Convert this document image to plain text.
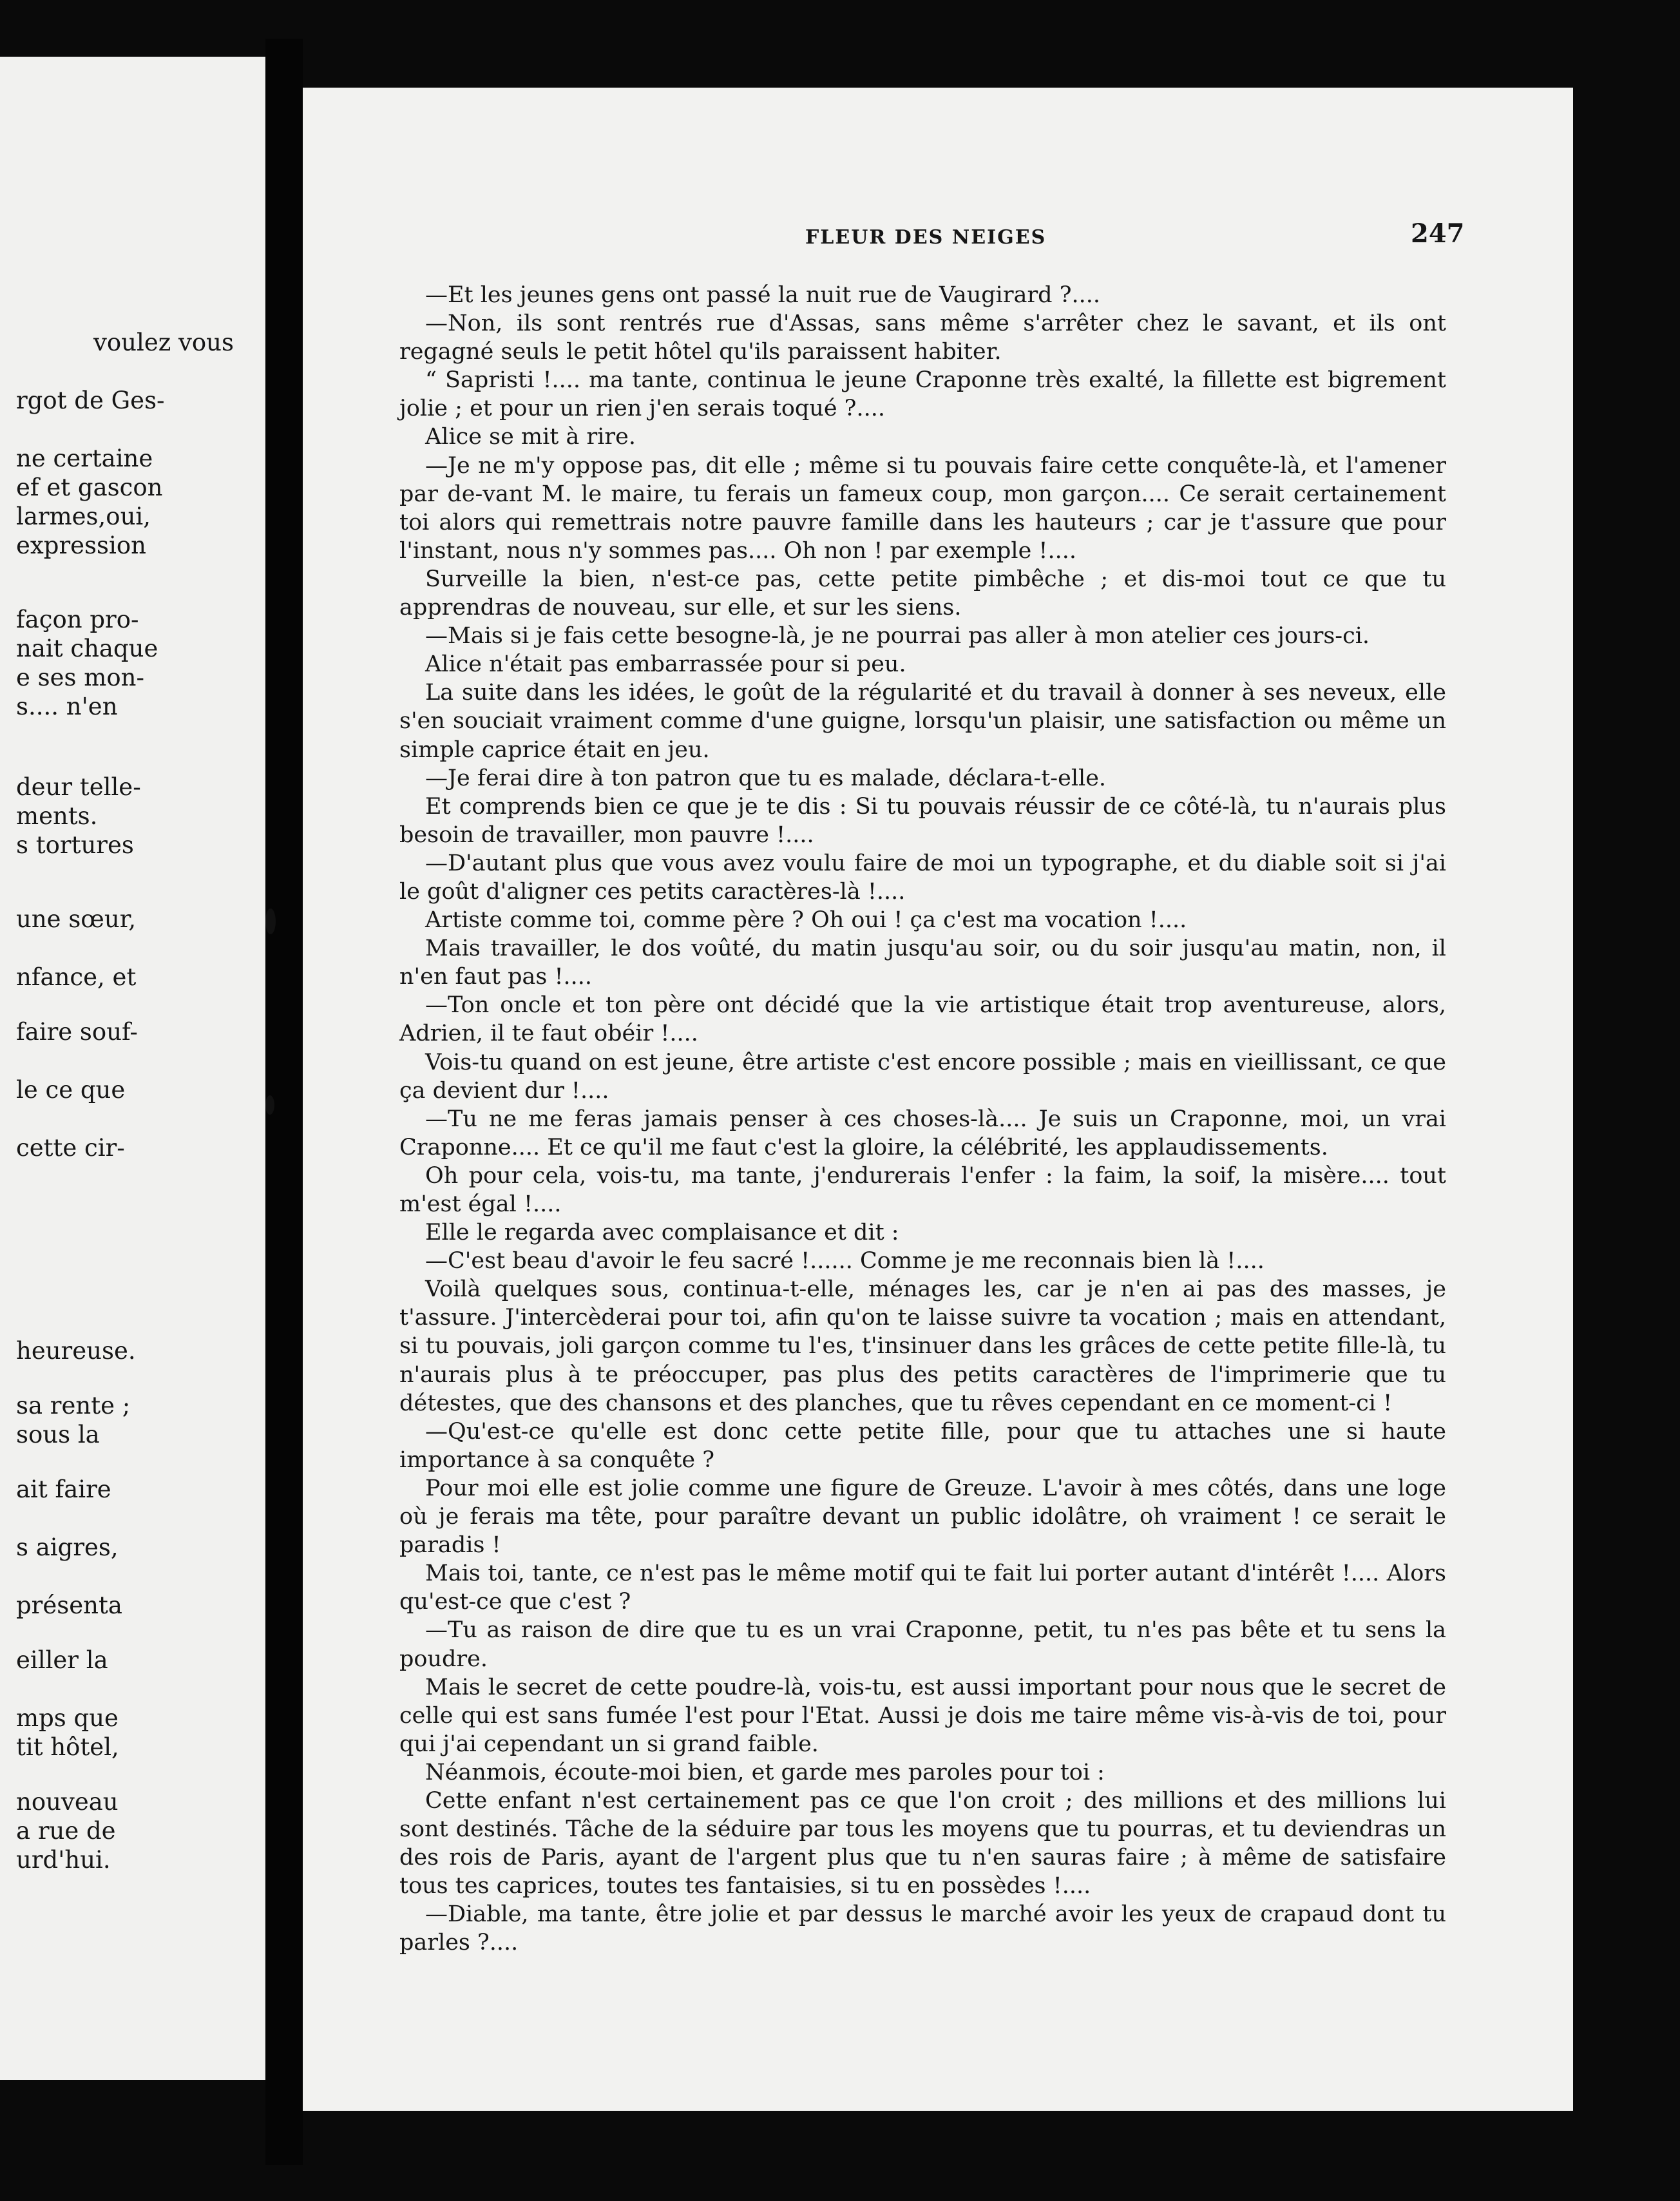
voulez vous
rgot de Ges-
ne certaine
ef et gascon
larmes,oui,
expression
façon pro-
nait chaque
e ses mon-
s.... n'en
deur telle-
ments.
s tortures
une sœur,
nfance, et
faire souf-
le ce que
cette cir-
heureuse.
sa rente ;
sous la
ait faire
s aigres,
présenta
eiller la
mps que
tit hôtel,
nouveau
a rue de
urd'hui.
FLEUR DES NEIGES	247

—Et les jeunes gens ont passé la nuit rue de Vaugirard ?....

—Non, ils sont rentrés rue d'Assas, sans même s'arrêter chez le savant, et ils ont regagné seuls le petit hôtel qu'ils paraissent habiter.

“ Sapristi !.... ma tante, continua le jeune Craponne très exalté, la fillette est bigrement jolie ; et pour un rien j'en serais toqué ?....

Alice se mit à rire.

—Je ne m'y oppose pas, dit elle ; même si tu pouvais faire cette conquête-là, et l'amener par de-vant M. le maire, tu ferais un fameux coup, mon garçon.... Ce serait certainement toi alors qui remettrais notre pauvre famille dans les hauteurs ; car je t'assure que pour l'instant, nous n'y sommes pas.... Oh non ! par exemple !....

Surveille la bien, n'est-ce pas, cette petite pimbêche ; et dis-moi tout ce que tu apprendras de nouveau, sur elle, et sur les siens.

—Mais si je fais cette besogne-là, je ne pourrai pas aller à mon atelier ces jours-ci.

Alice n'était pas embarrassée pour si peu.

La suite dans les idées, le goût de la régularité et du travail à donner à ses neveux, elle s'en souciait vraiment comme d'une guigne, lorsqu'un plaisir, une satisfaction ou même un simple caprice était en jeu.

—Je ferai dire à ton patron que tu es malade, déclara-t-elle.

Et comprends bien ce que je te dis : Si tu pouvais réussir de ce côté-là, tu n'aurais plus besoin de travailler, mon pauvre !....

—D'autant plus que vous avez voulu faire de moi un typographe, et du diable soit si j'ai le goût d'aligner ces petits caractères-là !....

Artiste comme toi, comme père ? Oh oui ! ça c'est ma vocation !....

Mais travailler, le dos voûté, du matin jusqu'au soir, ou du soir jusqu'au matin, non, il n'en faut pas !....

—Ton oncle et ton père ont décidé que la vie artistique était trop aventureuse, alors, Adrien, il te faut obéir !....

Vois-tu quand on est jeune, être artiste c'est encore possible ; mais en vieillissant, ce que ça devient dur !....

—Tu ne me feras jamais penser à ces choses-là.... Je suis un Craponne, moi, un vrai Craponne.... Et ce qu'il me faut c'est la gloire, la célébrité, les applaudissements.

Oh pour cela, vois-tu, ma tante, j'endurerais l'enfer : la faim, la soif, la misère.... tout m'est égal !....

Elle le regarda avec complaisance et dit :

—C'est beau d'avoir le feu sacré !...... Comme je me reconnais bien là !....

Voilà quelques sous, continua-t-elle, ménages les, car je n'en ai pas des masses, je t'assure. J'intercèderai pour toi, afin qu'on te laisse suivre ta vocation ; mais en attendant, si tu pouvais, joli garçon comme tu l'es, t'insinuer dans les grâces de cette petite fille-là, tu n'aurais plus à te préoccuper, pas plus des petits caractères de l'imprimerie que tu détestes, que des chansons et des planches, que tu rêves cependant en ce moment-ci !

—Qu'est-ce qu'elle est donc cette petite fille, pour que tu attaches une si haute importance à sa conquête ?

Pour moi elle est jolie comme une figure de Greuze. L'avoir à mes côtés, dans une loge où je ferais ma tête, pour paraître devant un public idolâtre, oh vraiment ! ce serait le paradis !

Mais toi, tante, ce n'est pas le même motif qui te fait lui porter autant d'intérêt !.... Alors qu'est-ce que c'est ?

—Tu as raison de dire que tu es un vrai Craponne, petit, tu n'es pas bête et tu sens la poudre.

Mais le secret de cette poudre-là, vois-tu, est aussi important pour nous que le secret de celle qui est sans fumée l'est pour l'Etat. Aussi je dois me taire même vis-à-vis de toi, pour qui j'ai cependant un si grand faible.

Néanmois, écoute-moi bien, et garde mes paroles pour toi :

Cette enfant n'est certainement pas ce que l'on croit ; des millions et des millions lui sont destinés. Tâche de la séduire par tous les moyens que tu pourras, et tu deviendras un des rois de Paris, ayant de l'argent plus que tu n'en sauras faire ; à même de satisfaire tous tes caprices, toutes tes fantaisies, si tu en possèdes !....

—Diable, ma tante, être jolie et par dessus le marché avoir les yeux de crapaud dont tu parles ?....
